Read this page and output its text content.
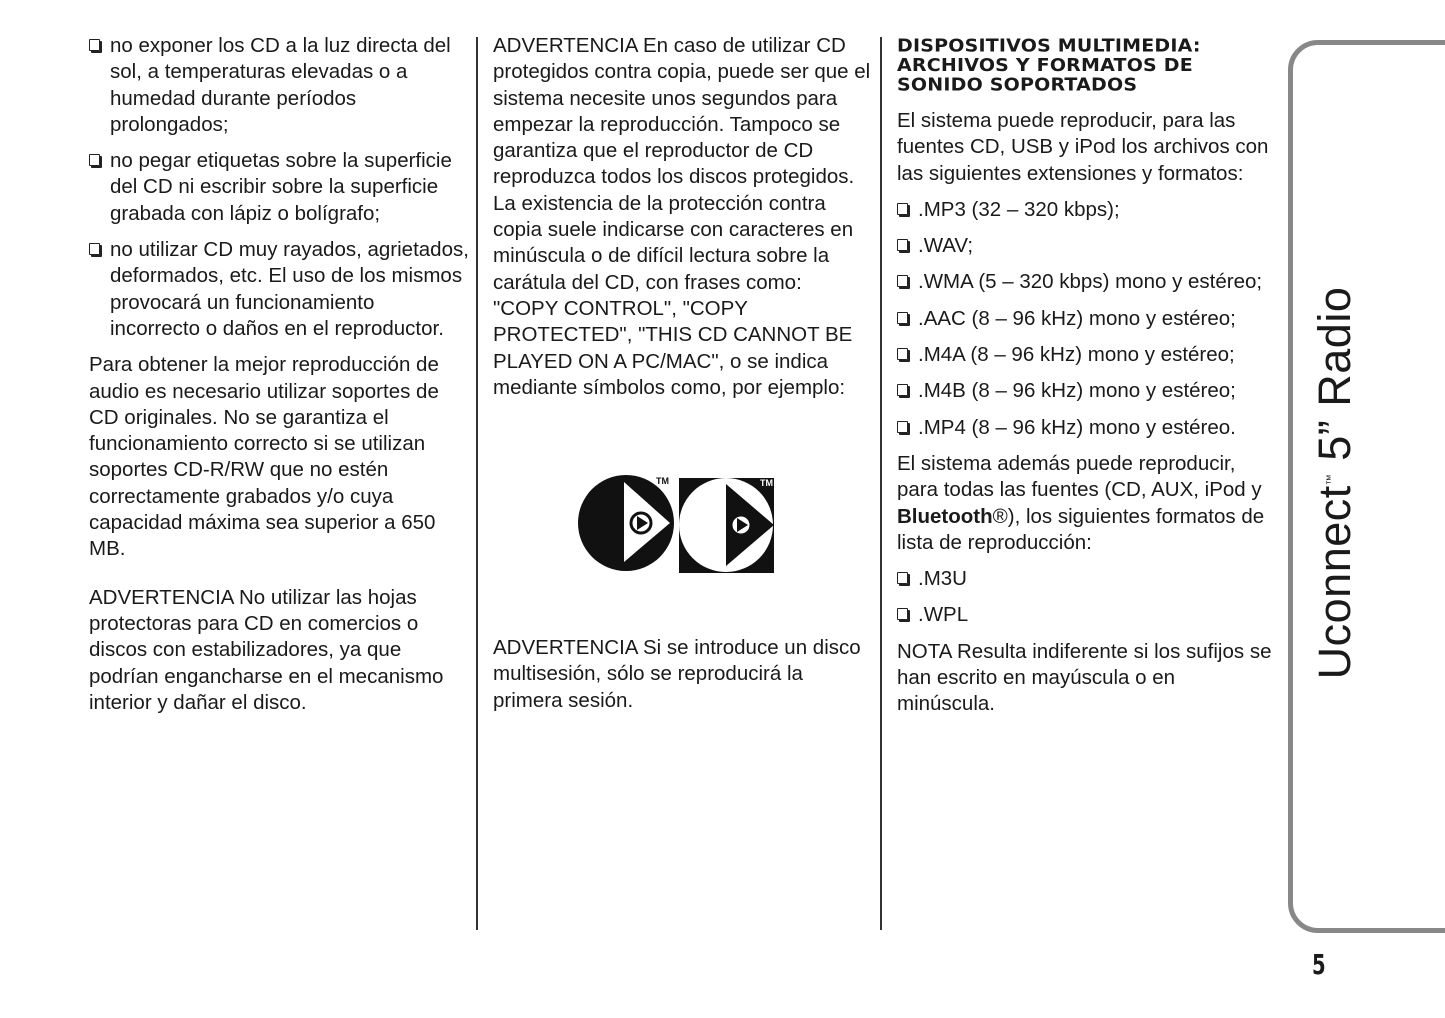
no exponer los CD a la luz directa del sol, a temperaturas elevadas o a humedad durante períodos prolongados;

no pegar etiquetas sobre la superficie del CD ni escribir sobre la superficie grabada con lápiz o bolígrafo;

no utilizar CD muy rayados, agrietados, deformados, etc. El uso de los mismos provocará un funcionamiento incorrecto o daños en el reproductor.

Para obtener la mejor reproducción de audio es necesario utilizar soportes de CD originales. No se garantiza el funcionamiento correcto si se utilizan soportes CD-R/RW que no estén correctamente grabados y/o cuya capacidad máxima sea superior a 650 MB.

ADVERTENCIA No utilizar las hojas protectoras para CD en comercios o discos con estabilizadores, ya que podrían engancharse en el mecanismo interior y dañar el disco.

ADVERTENCIA En caso de utilizar CD protegidos contra copia, puede ser que el sistema necesite unos segundos para empezar la reproducción. Tampoco se garantiza que el reproductor de CD reproduzca todos los discos protegidos. La existencia de la protección contra copia suele indicarse con caracteres en minúscula o de difícil lectura sobre la carátula del CD, con frases como: "COPY CONTROL", "COPY PROTECTED", "THIS CD CANNOT BE PLAYED ON A PC/MAC", o se indica mediante símbolos como, por ejemplo:

TM	TM

ADVERTENCIA Si se introduce un disco multisesión, sólo se reproducirá la primera sesión.

DISPOSITIVOS MULTIMEDIA: ARCHIVOS Y FORMATOS DE SONIDO SOPORTADOS

El sistema puede reproducir, para las fuentes CD, USB y iPod los archivos con las siguientes extensiones y formatos:

.MP3 (32 – 320 kbps);

.WAV;

.WMA (5 – 320 kbps) mono y estéreo;

.AAC (8 – 96 kHz) mono y estéreo;

.M4A (8 – 96 kHz) mono y estéreo;

.M4B (8 – 96 kHz) mono y estéreo;

.MP4 (8 – 96 kHz) mono y estéreo.

El sistema además puede reproducir, para todas las fuentes (CD, AUX, iPod y Bluetooth®), los siguientes formatos de lista de reproducción:

.M3U

.WPL

NOTA Resulta indiferente si los sufijos se han escrito en mayúscula o en minúscula.

Uconnect™ 5” Radio
5
